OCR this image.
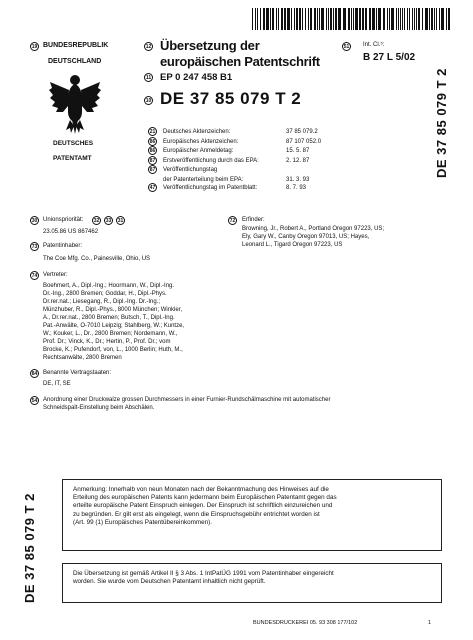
19 BUNDESREPUBLIK
DEUTSCHLAND
DEUTSCHES
PATENTAMT
12 Übersetzung der
europäischen Patentschrift
11 EP 0 247 458 B1
10 DE 37 85 079 T 2
51 Int. Cl.⁵:
B 27 L 5/02
DE 37 85 079 T 2
21 Deutsches Aktenzeichen:	37 85 079.2
86 Europäisches Aktenzeichen:	87 107 052.0
86 Europäischer Anmeldetag:	15. 5. 87
87 Erstveröffentlichung durch das EPA:	2. 12. 87
87 Veröffentlichungstag
der Patenterteilung beim EPA:	31. 3. 93
47 Veröffentlichungstag im Patentblatt:	8. 7. 93
30 Unionspriorität:	32	33	31
23.05.86 US 867462
73 Patentinhaber:
The Coe Mfg. Co., Painesville, Ohio, US
74 Vertreter:
Boehmert, A., Dipl.-Ing.; Hoormann, W., Dipl.-Ing.
Dr.-Ing., 2800 Bremen; Goddar, H., Dipl.-Phys.
Dr.rer.nat.; Liesegang, R., Dipl.-Ing. Dr.-Ing.;
Münzhuber, R., Dipl.-Phys., 8000 München; Winkler,
A., Dr.rer.nat., 2800 Bremen; Butsch, T., Dipl.-Ing.
Pat.-Anwälte, O-7010 Leipzig; Stahlberg, W.; Kuntze,
W.; Kouker, L., Dr., 2800 Bremen; Nordemann, W.,
Prof. Dr.; Vinck, K., Dr.; Hertin, P., Prof. Dr.; vom
Brocke, K.; Pufendorf, von, L., 1000 Berlin; Huth, M.,
Rechtsanwälte, 2800 Bremen
84 Benannte Vertragstaaten:
DE, IT, SE
72 Erfinder:
Browning, Jr., Robert A., Portland Oregon 97223, US;
Ely, Gary W., Canby Oregon 97013, US; Hayes,
Leonard L., Tigard Oregon 97223, US
54 Anordnung einer Druckwalze grossen Durchmessers in einer Furnier-Rundschälmaschine mit automatischer
Schneidspalt-Einstellung beim Abschälen.
Anmerkung: Innerhalb von neun Monaten nach der Bekanntmachung des Hinweises auf die
Erteilung des europäischen Patents kann jedermann beim Europäischen Patentamt gegen das
erteilte europäische Patent Einspruch einlegen. Der Einspruch ist schriftlich einzureichen und
zu begründen. Er gilt erst als eingelegt, wenn die Einspruchsgebühr entrichtet worden ist
(Art. 99 (1) Europäisches Patentübereinkommen).
Die Übersetzung ist gemäß Artikel II § 3 Abs. 1 IntPatÜG 1991 vom Patentinhaber eingereicht
worden. Sie wurde vom Deutschen Patentamt inhaltlich nicht geprüft.
DE 37 85 079 T 2
BUNDESDRUCKEREI 05. 93 308 177/102	1
